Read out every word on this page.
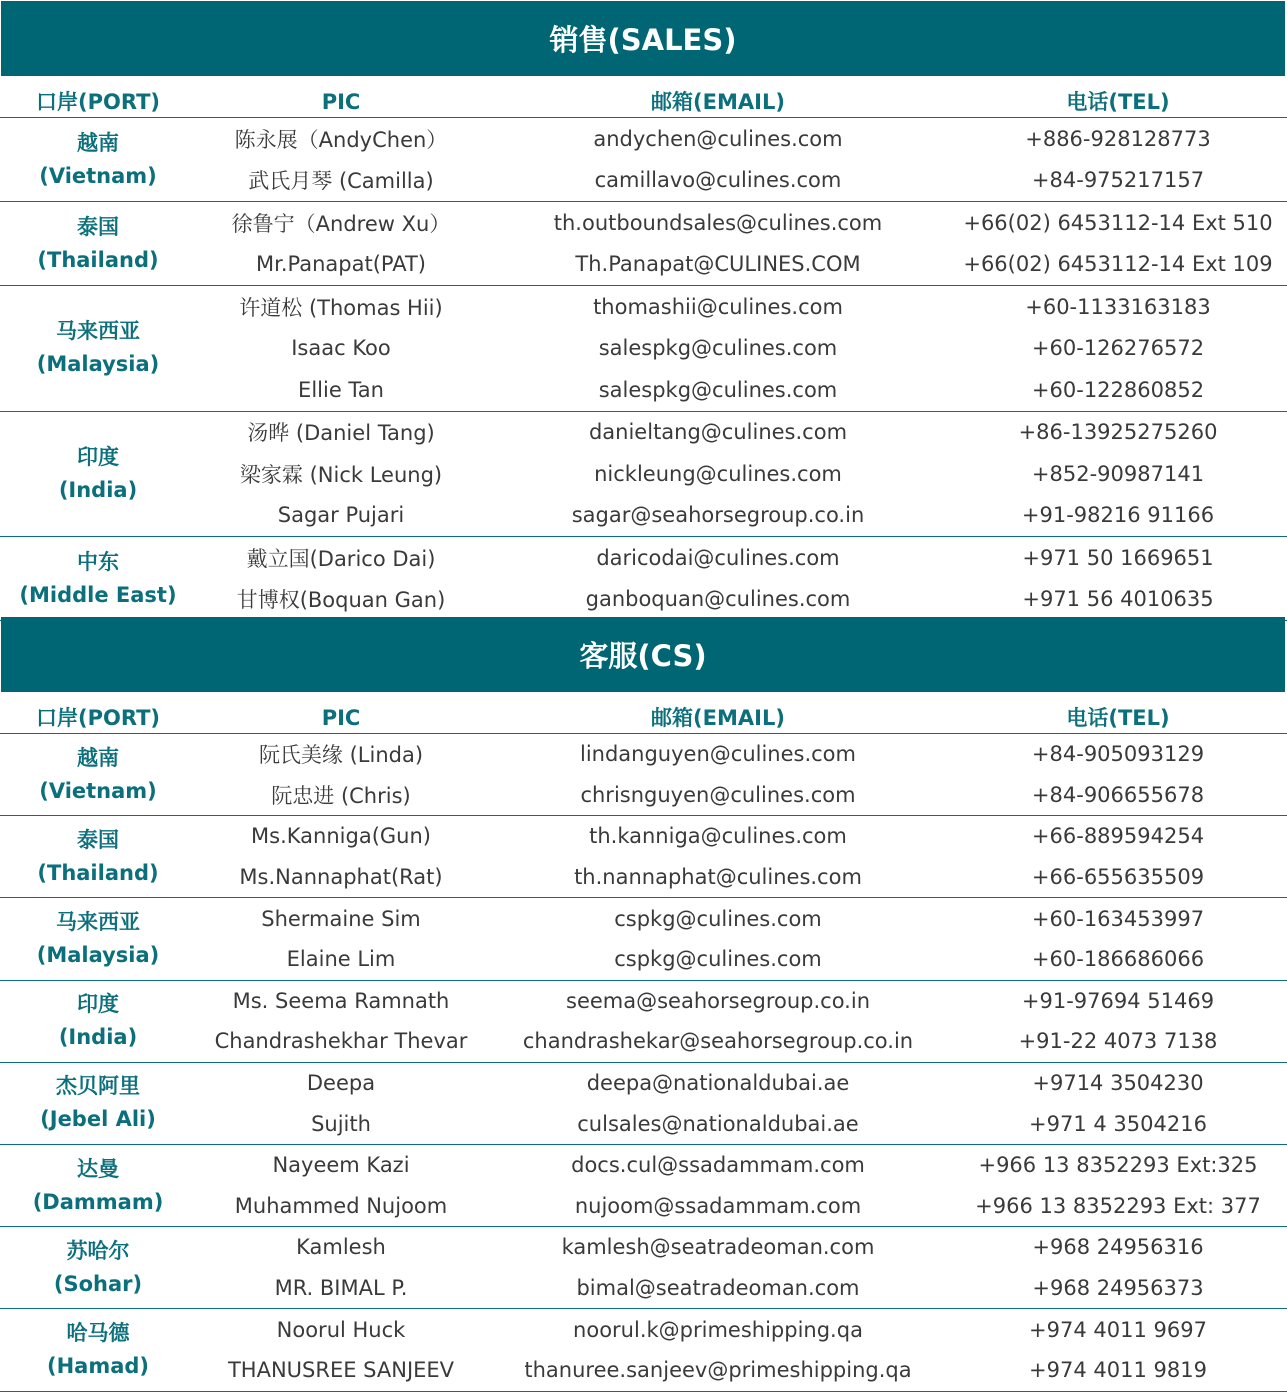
销售(SALES)
口岸(PORT)	PIC	邮箱(EMAIL)	电话(TEL)
越南
(Vietnam)
陈永展（AndyChen）	andychen@culines.com	+886-928128773
武氏月琴 (Camilla)	camillavo@culines.com	+84-975217157
泰国
(Thailand)
徐鲁宁（Andrew Xu）	th.outboundsales@culines.com	+66(02) 6453112-14 Ext 510
Mr.Panapat(PAT)	Th.Panapat@CULINES.COM	+66(02) 6453112-14 Ext 109
马来西亚
(Malaysia)
许道松 (Thomas Hii)	thomashii@culines.com	+60-1133163183
Isaac Koo	salespkg@culines.com	+60-126276572
Ellie Tan	salespkg@culines.com	+60-122860852
印度
(India)
汤晔 (Daniel Tang)	danieltang@culines.com	+86-13925275260
梁家霖 (Nick Leung)	nickleung@culines.com	+852-90987141
Sagar Pujari	sagar@seahorsegroup.co.in	+91-98216 91166
中东
(Middle East)
戴立国(Darico Dai)	daricodai@culines.com	+971 50 1669651
甘博权(Boquan Gan)	ganboquan@culines.com	+971 56 4010635
客服(CS)
口岸(PORT)	PIC	邮箱(EMAIL)	电话(TEL)
越南
(Vietnam)
阮氏美缘 (Linda)	lindanguyen@culines.com	+84-905093129
阮忠进 (Chris)	chrisnguyen@culines.com	+84-906655678
泰国
(Thailand)
Ms.Kanniga(Gun)	th.kanniga@culines.com	+66-889594254
Ms.Nannaphat(Rat)	th.nannaphat@culines.com	+66-655635509
马来西亚
(Malaysia)
Shermaine Sim	cspkg@culines.com	+60-163453997
Elaine Lim	cspkg@culines.com	+60-186686066
印度
(India)
Ms. Seema Ramnath	seema@seahorsegroup.co.in	+91-97694 51469
Chandrashekhar Thevar	chandrashekar@seahorsegroup.co.in	+91-22 4073 7138
杰贝阿里
(Jebel Ali)
Deepa	deepa@nationaldubai.ae	+9714 3504230
Sujith	culsales@nationaldubai.ae	+971 4 3504216
达曼
(Dammam)
Nayeem Kazi	docs.cul@ssadammam.com	+966 13 8352293 Ext:325
Muhammed Nujoom	nujoom@ssadammam.com	+966 13 8352293 Ext: 377
苏哈尔
(Sohar)
Kamlesh	kamlesh@seatradeoman.com	+968 24956316
MR. BIMAL P.	bimal@seatradeoman.com	+968 24956373
哈马德
(Hamad)
Noorul Huck	noorul.k@primeshipping.qa	+974 4011 9697
THANUSREE SANJEEV	thanuree.sanjeev@primeshipping.qa	+974 4011 9819
